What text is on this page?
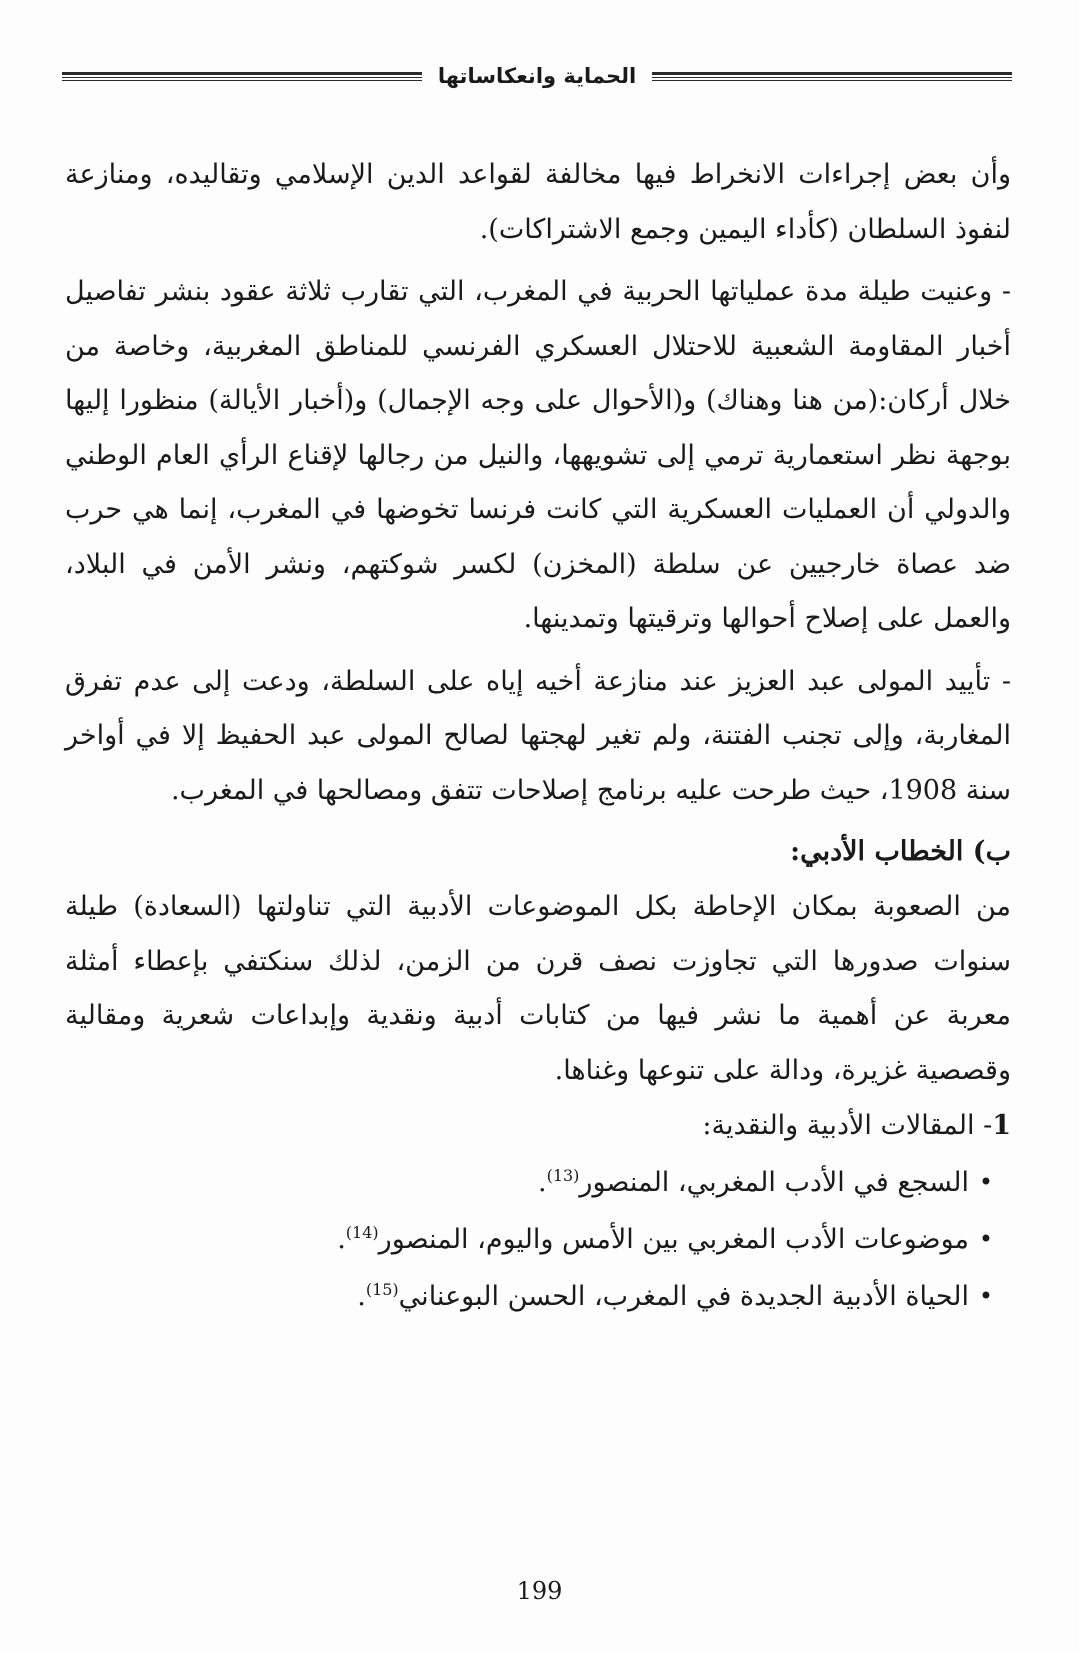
الحماية وانعكاساتها

وأن بعض إجراءات الانخراط فيها مخالفة لقواعد الدين الإسلامي وتقاليده، ومنازعة لنفوذ السلطان (كأداء اليمين وجمع الاشتراكات).

- وعنيت طيلة مدة عملياتها الحربية في المغرب، التي تقارب ثلاثة عقود بنشر تفاصيل أخبار المقاومة الشعبية للاحتلال العسكري الفرنسي للمناطق المغربية، وخاصة من خلال أركان:(من هنا وهناك) و(الأحوال على وجه الإجمال) و(أخبار الأيالة) منظورا إليها بوجهة نظر استعمارية ترمي إلى تشويهها، والنيل من رجالها لإقناع الرأي العام الوطني والدولي أن العمليات العسكرية التي كانت فرنسا تخوضها في المغرب، إنما هي حرب ضد عصاة خارجيين عن سلطة (المخزن) لكسر شوكتهم، ونشر الأمن في البلاد، والعمل على إصلاح أحوالها وترقيتها وتمدينها.

- تأييد المولى عبد العزيز عند منازعة أخيه إياه على السلطة، ودعت إلى عدم تفرق المغاربة، وإلى تجنب الفتنة، ولم تغير لهجتها لصالح المولى عبد الحفيظ إلا في أواخر سنة 1908، حيث طرحت عليه برنامج إصلاحات تتفق ومصالحها في المغرب.

ب) الخطاب الأدبي:

من الصعوبة بمكان الإحاطة بكل الموضوعات الأدبية التي تناولتها (السعادة) طيلة سنوات صدورها التي تجاوزت نصف قرن من الزمن، لذلك سنكتفي بإعطاء أمثلة معربة عن أهمية ما نشر فيها من كتابات أدبية ونقدية وإبداعات شعرية ومقالية وقصصية غزيرة، ودالة على تنوعها وغناها.

1- المقالات الأدبية والنقدية:
• السجع في الأدب المغربي، المنصور$^{(13)}$.
• موضوعات الأدب المغربي بين الأمس واليوم، المنصور$^{(14)}$.
• الحياة الأدبية الجديدة في المغرب، الحسن البوعناني$^{(15)}$.
199
